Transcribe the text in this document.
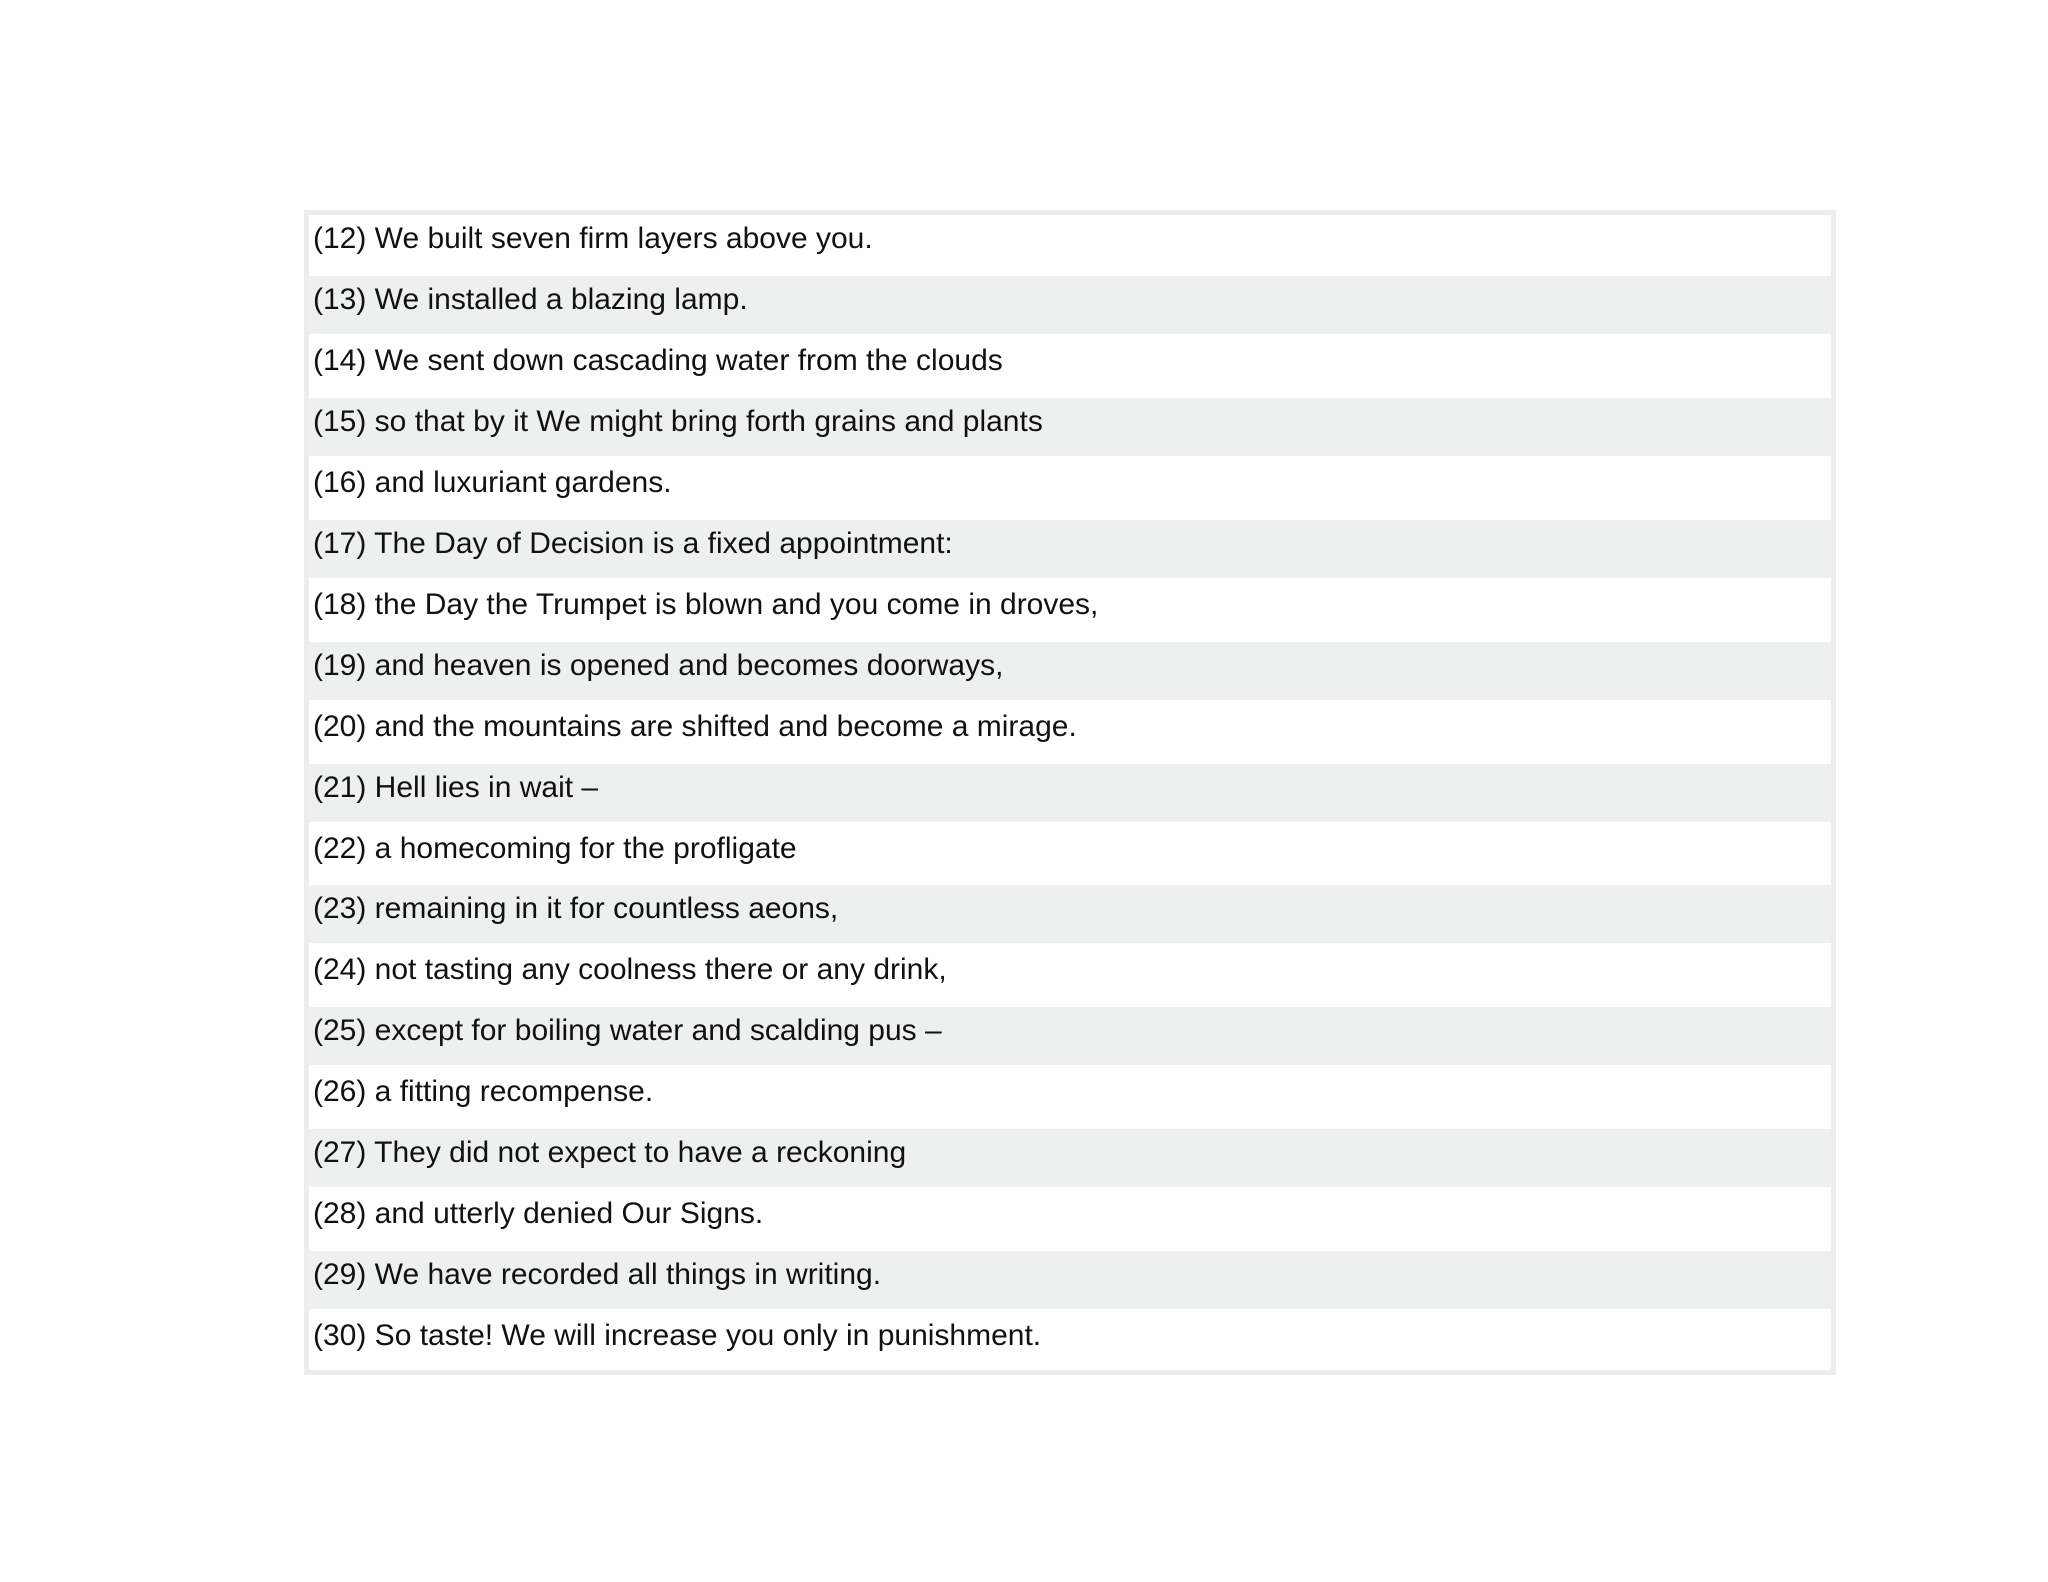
(12) We built seven firm layers above you.
(13) We installed a blazing lamp.
(14) We sent down cascading water from the clouds
(15) so that by it We might bring forth grains and plants
(16) and luxuriant gardens.
(17) The Day of Decision is a fixed appointment:
(18) the Day the Trumpet is blown and you come in droves,
(19) and heaven is opened and becomes doorways,
(20) and the mountains are shifted and become a mirage.
(21) Hell lies in wait –
(22) a homecoming for the profligate
(23) remaining in it for countless aeons,
(24) not tasting any coolness there or any drink,
(25) except for boiling water and scalding pus –
(26) a fitting recompense.
(27) They did not expect to have a reckoning
(28) and utterly denied Our Signs.
(29) We have recorded all things in writing.
(30) So taste! We will increase you only in punishment.
